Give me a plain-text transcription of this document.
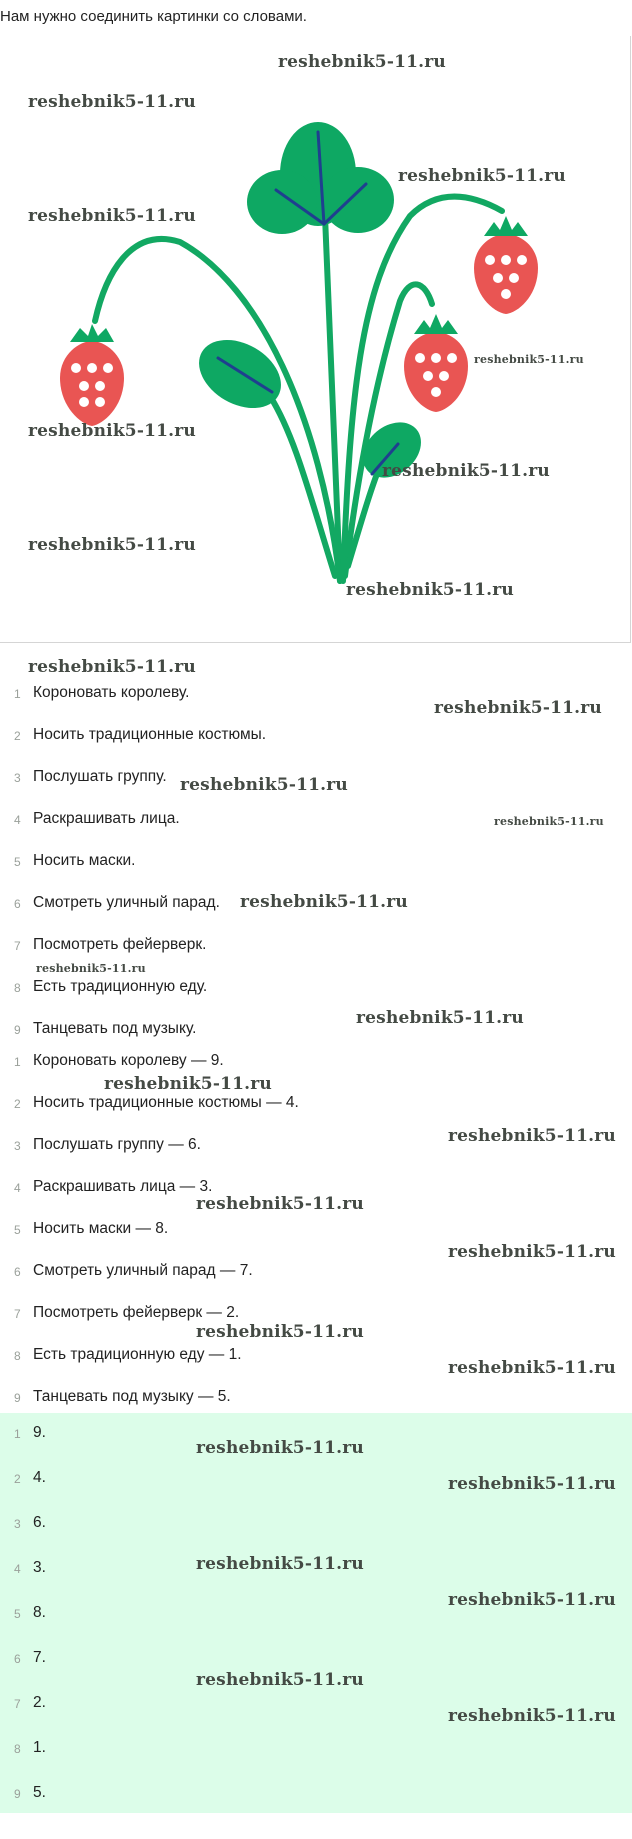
Нам нужно соединить картинки со словами.
reshebnik5-11.ru
reshebnik5-11.ru
reshebnik5-11.ru
reshebnik5-11.ru
reshebnik5-11.ru
reshebnik5-11.ru
reshebnik5-11.ru
reshebnik5-11.ru
reshebnik5-11.ru
reshebnik5-11.ru
1 Короновать королеву.
2 Носить традиционные костюмы.
3 Послушать группу.
4 Раскрашивать лица.
5 Носить маски.
6 Смотреть уличный парад.
7 Посмотреть фейерверк.
8 Есть традиционную еду.
9 Танцевать под музыку.
1 Короновать королеву — 9.
2 Носить традиционные костюмы — 4.
3 Послушать группу — 6.
4 Раскрашивать лица — 3.
5 Носить маски — 8.
6 Смотреть уличный парад — 7.
7 Посмотреть фейерверк — 2.
8 Есть традиционную еду — 1.
9 Танцевать под музыку — 5.
1 9.
2 4.
3 6.
4 3.
5 8.
6 7.
7 2.
8 1.
9 5.
reshebnik5-11.ru
reshebnik5-11.ru
reshebnik5-11.ru
reshebnik5-11.ru
reshebnik5-11.ru
reshebnik5-11.ru
reshebnik5-11.ru
reshebnik5-11.ru
reshebnik5-11.ru
reshebnik5-11.ru
reshebnik5-11.ru
reshebnik5-11.ru
reshebnik5-11.ru
reshebnik5-11.ru
reshebnik5-11.ru
reshebnik5-11.ru
reshebnik5-11.ru
reshebnik5-11.ru
